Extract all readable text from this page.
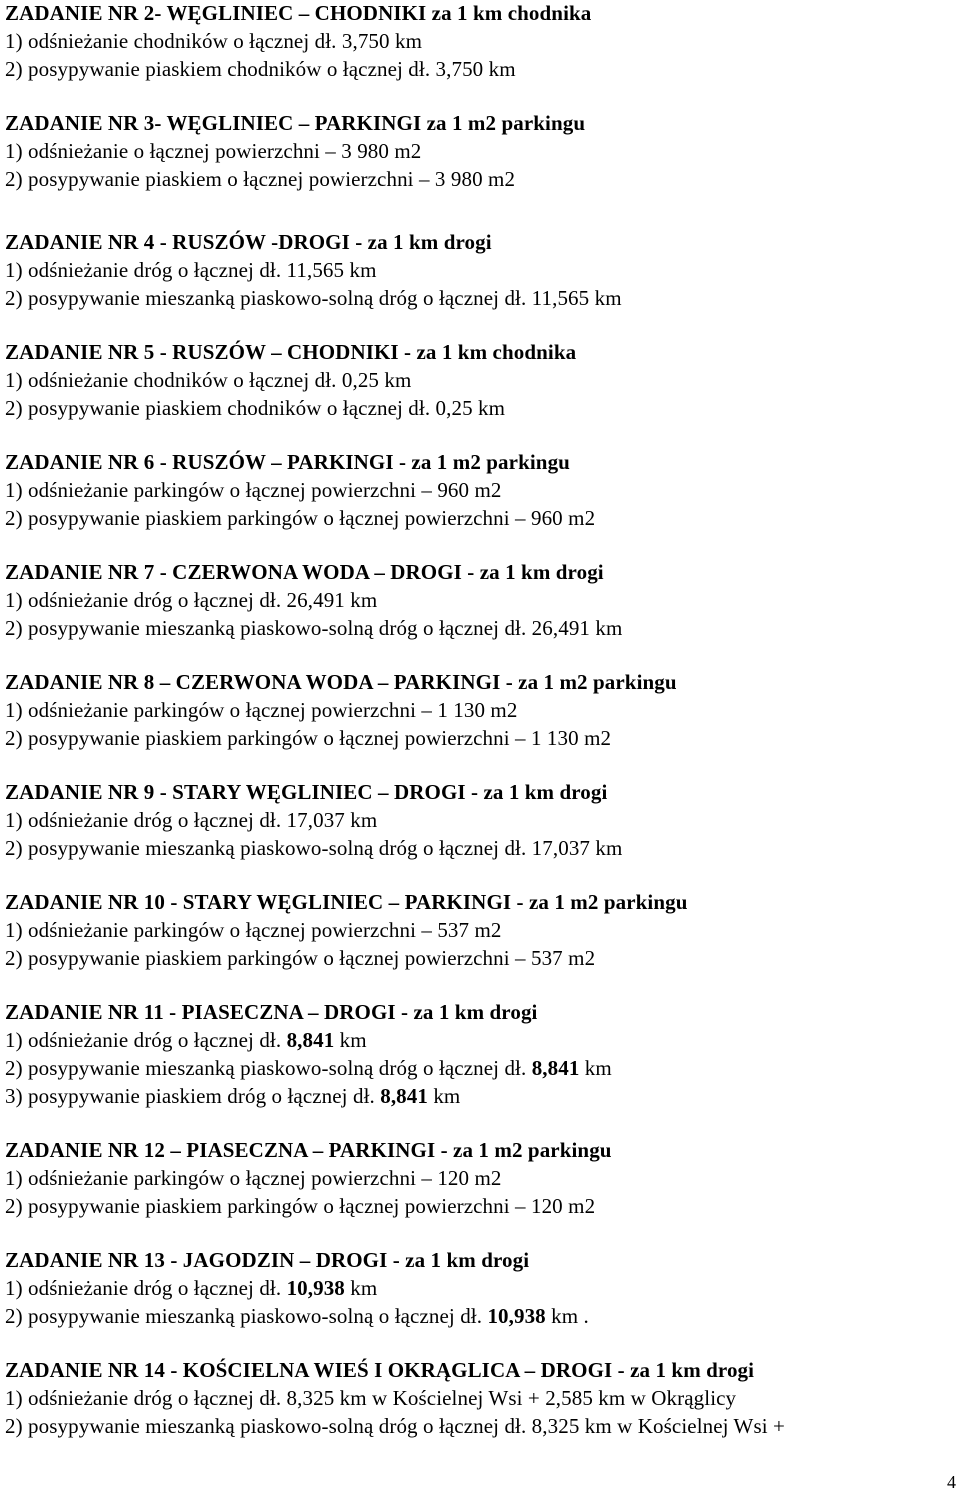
ZADANIE NR 2- WĘGLINIEC – CHODNIKI za 1 km chodnika
1) odśnieżanie chodników o łącznej dł. 3,750 km
2) posypywanie piaskiem chodników o łącznej dł. 3,750 km
ZADANIE NR 3- WĘGLINIEC – PARKINGI za 1 m2 parkingu
1) odśnieżanie o łącznej powierzchni – 3 980 m2
2) posypywanie piaskiem o łącznej powierzchni – 3 980 m2
ZADANIE NR 4 - RUSZÓW -DROGI - za 1 km drogi
1) odśnieżanie dróg o łącznej dł. 11,565 km
2) posypywanie mieszanką piaskowo-solną dróg o łącznej dł. 11,565 km
ZADANIE NR 5 - RUSZÓW – CHODNIKI - za 1 km chodnika
1) odśnieżanie chodników o łącznej dł. 0,25 km
2) posypywanie piaskiem chodników o łącznej dł. 0,25 km
ZADANIE NR 6 - RUSZÓW – PARKINGI - za 1 m2 parkingu
1) odśnieżanie parkingów o łącznej powierzchni – 960 m2
2) posypywanie piaskiem parkingów o łącznej powierzchni – 960 m2
ZADANIE NR 7 - CZERWONA WODA – DROGI - za 1 km drogi
1) odśnieżanie dróg o łącznej dł. 26,491 km
2) posypywanie mieszanką piaskowo-solną dróg o łącznej dł. 26,491 km
ZADANIE NR 8 – CZERWONA WODA – PARKINGI - za 1 m2 parkingu
1) odśnieżanie parkingów o łącznej powierzchni – 1 130 m2
2) posypywanie piaskiem parkingów o łącznej powierzchni – 1 130 m2
ZADANIE NR 9 - STARY WĘGLINIEC – DROGI - za 1 km drogi
1) odśnieżanie dróg o łącznej dł. 17,037 km
2) posypywanie mieszanką piaskowo-solną dróg o łącznej dł. 17,037 km
ZADANIE NR 10 - STARY WĘGLINIEC – PARKINGI - za 1 m2 parkingu
1) odśnieżanie parkingów o łącznej powierzchni – 537 m2
2) posypywanie piaskiem parkingów o łącznej powierzchni – 537 m2
ZADANIE NR 11 - PIASECZNA – DROGI - za 1 km drogi
1) odśnieżanie dróg o łącznej dł. 8,841 km
2) posypywanie mieszanką piaskowo-solną dróg o łącznej dł. 8,841 km
3) posypywanie piaskiem dróg o łącznej dł. 8,841 km
ZADANIE NR 12 – PIASECZNA – PARKINGI - za 1 m2 parkingu
1) odśnieżanie parkingów o łącznej powierzchni – 120 m2
2) posypywanie piaskiem parkingów o łącznej powierzchni – 120 m2
ZADANIE NR 13 - JAGODZIN – DROGI - za 1 km drogi
1) odśnieżanie dróg o łącznej dł. 10,938 km
2) posypywanie mieszanką piaskowo-solną o łącznej dł. 10,938 km .
ZADANIE NR 14 - KOŚCIELNA WIEŚ I OKRĄGLICA – DROGI - za 1 km drogi
1) odśnieżanie dróg o łącznej dł. 8,325 km w Kościelnej Wsi + 2,585 km w Okrąglicy
2) posypywanie mieszanką piaskowo-solną dróg o łącznej dł. 8,325 km w Kościelnej Wsi +
4
